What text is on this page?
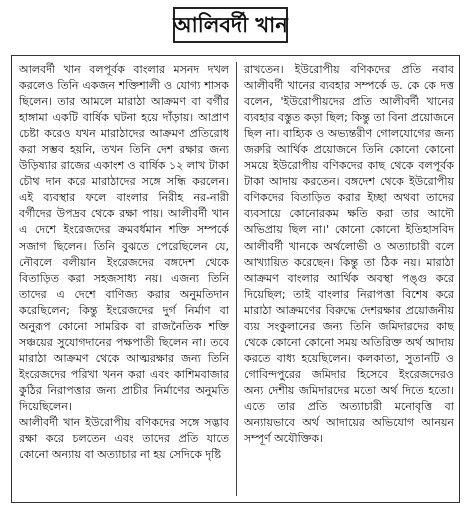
আলিবর্দী খান

আলবর্দী খান বলপূর্বক বাংলার মসনদ দখল করলেও তিনি একজন শক্তিশালী ও যোগ্য শাসক ছিলেন। তার আমলে মারাঠা আক্রমণ বা বর্গীর হাঙ্গামা একটি বার্ষিক ঘটনা হয়ে দাঁড়ায়। আপ্রাণ চেষ্টা করেও যখন মারাঠাদের আক্রমণ প্রতিরোধ করা সম্ভব হয়নি, তখন তিনি দেশ রক্ষার জন্য উড়িষ্যার রাজের একাংশ ও বার্ষিক ১২ লাখ টাকা চৌথ দান করে মারাঠাদের সঙ্গে সন্ধি করলেন। এই ব্যবস্থার ফলে বাংলার নিরীহ নর-নারী বর্গীদের উপদ্রব থেকে রক্ষা পায়। আলীবর্দী খান এ দেশে ইংরেজদের ক্রমবর্ধমান শক্তি সম্পর্কে সজাগ ছিলেন। তিনি বুঝতে পেরেছিলেন যে, নৌবলে বলীয়ান ইংরেজদের বঙ্গদেশ থেকে বিতাড়িত করা সহজসাধ্য নয়। এজন্য তিনি তাদের এ দেশে বাণিজ্য করার অনুমতিদান করেছিলেন; কিন্তু ইংরেজদের দুর্গ নির্মাণ বা অনুরূপ কোনো সামরিক বা রাজনৈতিক শক্তি সঞ্চয়ের সুযোগদানের পক্ষপাতী ছিলেন না। তবে মারাঠা আক্রমণ থেকে আত্মরক্ষার জন্য তিনি ইংরেজদের পরিখা খনন করা এবং কাশিমবাজার কুঠির নিরাপত্তার জন্য প্রাচীর নির্মাণের অনুমতি দিয়েছিলেন।

আলীবর্দী খান ইউরোপীয় বণিকদের সঙ্গে সদ্ভাব রক্ষা করে চলতেন এবং তাদের প্রতি যাতে কোনো অন্যায় বা অত্যাচার না হয় সেদিকে দৃষ্টি

রাখতেন। ইউরোপীয় বণিকদের প্রতি নবাব আলীবর্দী খানের ব্যবহার সম্পর্কে ড. কে কে দত্ত বলেন, 'ইউরোপীয়দের প্রতি আলীবর্দী খানের ব্যবহার বস্তুত কড়া ছিল; কিন্তু তা বিনা প্রয়োজনে ছিল না। বাহ্যিক ও অভ্যন্তরীণ গোলযোগের জন্য জরুরি আর্থিক প্রয়োজনে তিনি কোনো কোনো সময়ে ইউরোপীয় বণিকদের কাছ থেকে বলপূর্বক টাকা আদায় করতেন। বঙ্গদেশ থেকে ইউরোপীয় বণিকদের বিতাড়িত করার ইচ্ছা অথবা তাদের ব্যবসায়ে কোনোরকম ক্ষতি করা তার আদৌ অভিপ্রায় ছিল না।' কোনো কোনো ইতিহাসবিদ আলীবর্দী খানকে অর্থলোভী ও অত্যাচারী বলে আখ্যায়িত করেছেন। কিন্তু তা ঠিক নয়। মারাঠা আক্রমণ বাংলার আর্থিক অবস্থা পঙ্গু করে দিয়েছিল; তাই বাংলার নিরাপত্তা বিশেষ করে মারাঠা আক্রমণের বিরুদ্ধে দেশরক্ষার প্রয়োজনীয় ব্যয় সংকুলানের জন্য তিনি জমিদারদের কাছ থেকে কোনো কোনো সময় অতিরিক্ত অর্থ আদায় করতে বাধ্য হয়েছিলেন। কলকাতা, সুতানটি ও গোবিন্দপুরের জমিদার হিসেবে ইংরেজদেরও অন্য দেশীয় জমিদারদের মতো অর্থ দিতে হতো। এতে তার প্রতি অত্যাচারী মনোবৃত্তি বা অন্যায়ভাবে অর্থ আদায়ের অভিযোগ আনয়ন সম্পূর্ণ অযৌক্তিক।
